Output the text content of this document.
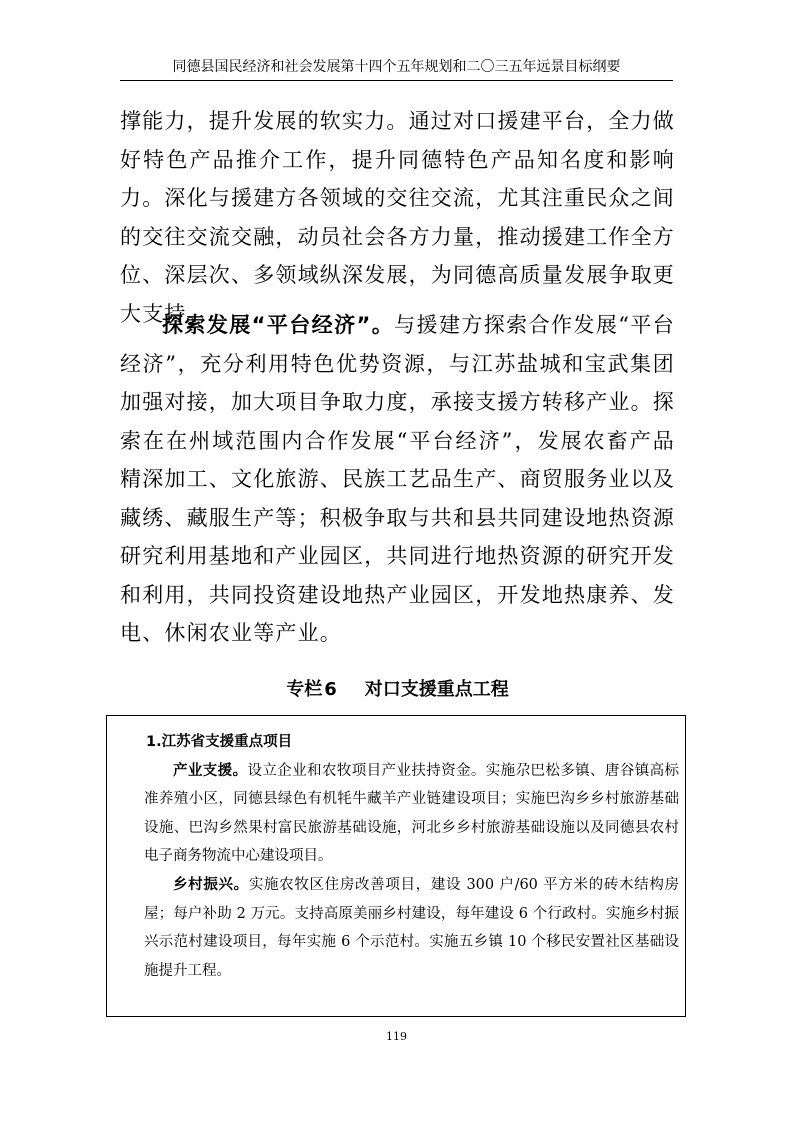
同德县国民经济和社会发展第十四个五年规划和二〇三五年远景目标纲要

撑能力，提升发展的软实力。通过对口援建平台，全力做好特色产品推介工作，提升同德特色产品知名度和影响力。深化与援建方各领域的交往交流，尤其注重民众之间的交往交流交融，动员社会各方力量，推动援建工作全方位、深层次、多领域纵深发展，为同德高质量发展争取更大支持。

探索发展“平台经济”。与援建方探索合作发展“平台经济”，充分利用特色优势资源，与江苏盐城和宝武集团加强对接，加大项目争取力度，承接支援方转移产业。探索在在州域范围内合作发展“平台经济”，发展农畜产品精深加工、文化旅游、民族工艺品生产、商贸服务业以及藏绣、藏服生产等；积极争取与共和县共同建设地热资源研究利用基地和产业园区，共同进行地热资源的研究开发和利用，共同投资建设地热产业园区，开发地热康养、发电、休闲农业等产业。

专栏 6 对口支援重点工程

1.江苏省支援重点项目

产业支援。设立企业和农牧项目产业扶持资金。实施尕巴松多镇、唐谷镇高标准养殖小区，同德县绿色有机牦牛藏羊产业链建设项目；实施巴沟乡乡村旅游基础设施、巴沟乡然果村富民旅游基础设施，河北乡乡村旅游基础设施以及同德县农村电子商务物流中心建设项目。

乡村振兴。实施农牧区住房改善项目，建设 300 户/60 平方米的砖木结构房屋；每户补助 2 万元。支持高原美丽乡村建设，每年建设 6 个行政村。实施乡村振兴示范村建设项目，每年实施 6 个示范村。实施五乡镇 10 个移民安置社区基础设施提升工程。

119
